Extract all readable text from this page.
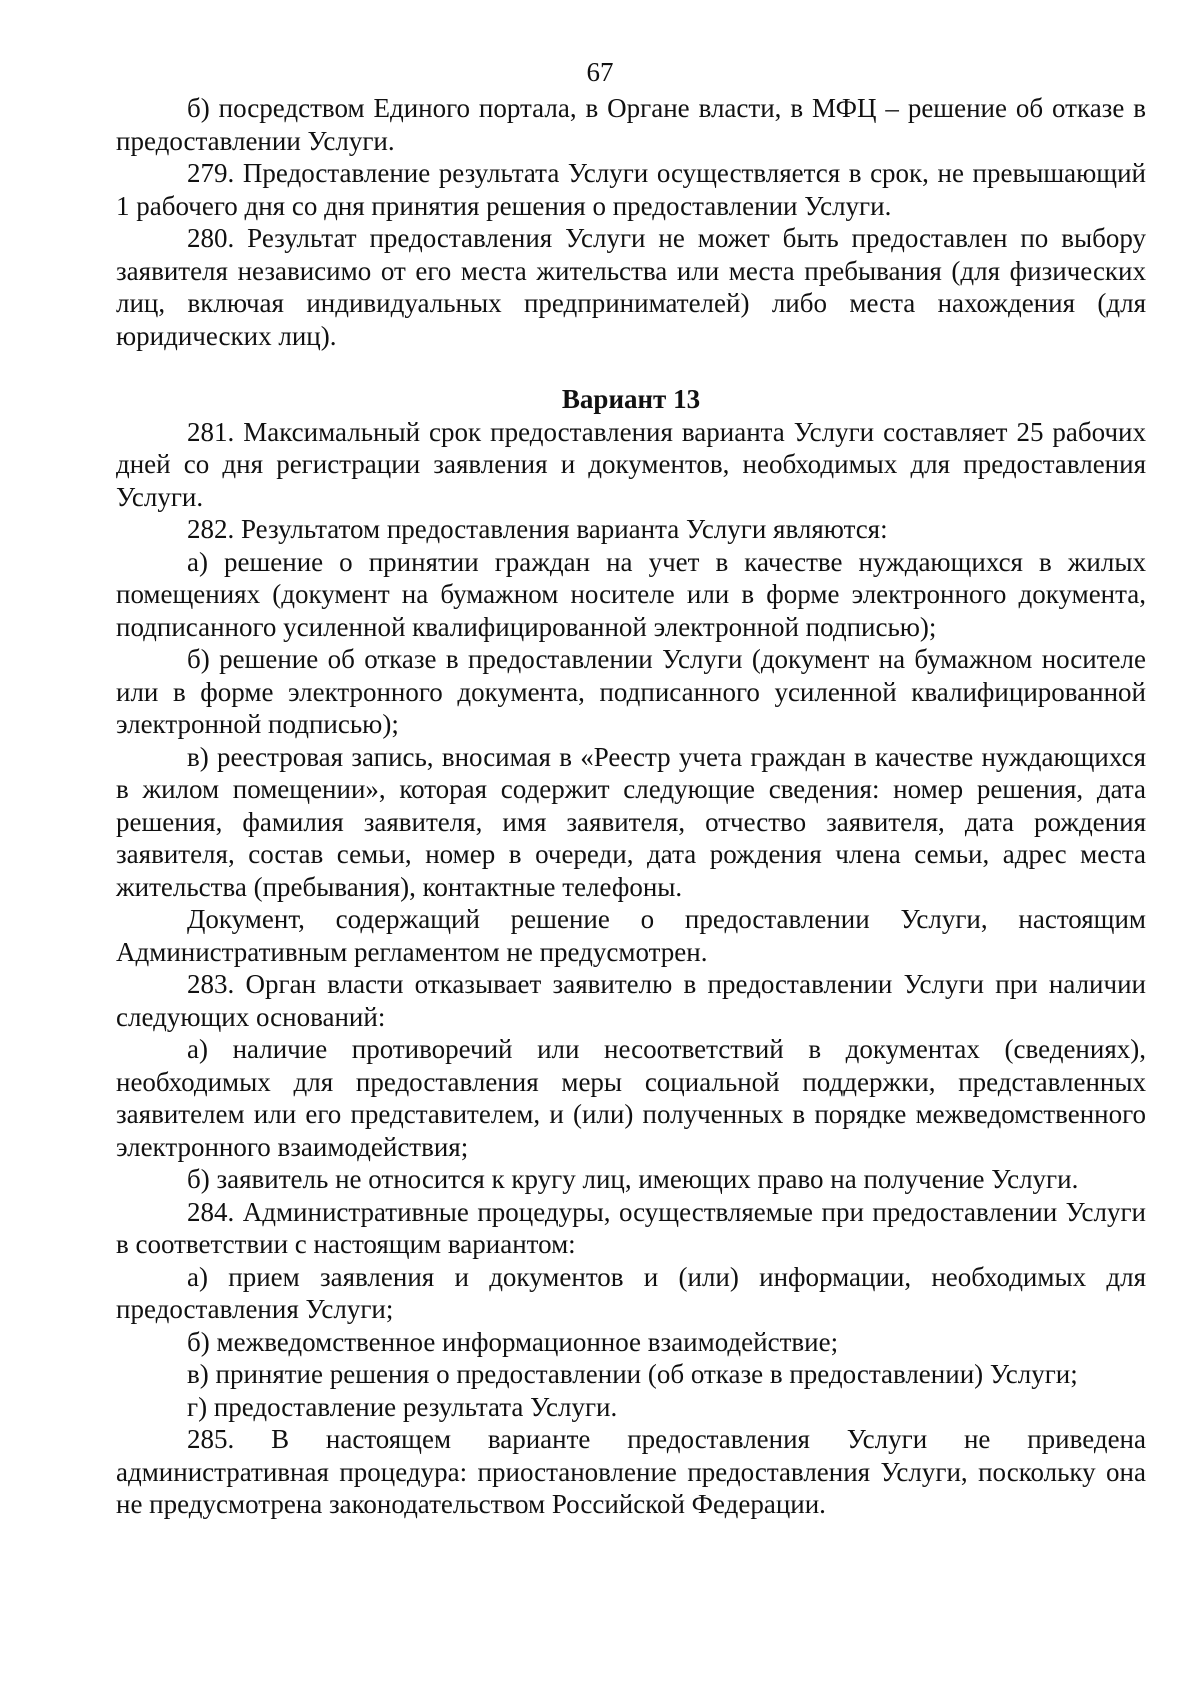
67

б) посредством Единого портала, в Органе власти, в МФЦ – решение об отказе в предоставлении Услуги.

279. Предоставление результата Услуги осуществляется в срок, не превышающий 1 рабочего дня со дня принятия решения о предоставлении Услуги.

280. Результат предоставления Услуги не может быть предоставлен по выбору заявителя независимо от его места жительства или места пребывания (для физических лиц, включая индивидуальных предпринимателей) либо места нахождения (для юридических лиц).

Вариант 13

281. Максимальный срок предоставления варианта Услуги составляет 25 рабочих дней со дня регистрации заявления и документов, необходимых для предоставления Услуги.

282. Результатом предоставления варианта Услуги являются:

а) решение о принятии граждан на учет в качестве нуждающихся в жилых помещениях (документ на бумажном носителе или в форме электронного документа, подписанного усиленной квалифицированной электронной подписью);

б) решение об отказе в предоставлении Услуги (документ на бумажном носителе или в форме электронного документа, подписанного усиленной квалифицированной электронной подписью);

в) реестровая запись, вносимая в «Реестр учета граждан в качестве нуждающихся в жилом помещении», которая содержит следующие сведения: номер решения, дата решения, фамилия заявителя, имя заявителя, отчество заявителя, дата рождения заявителя, состав семьи, номер в очереди, дата рождения члена семьи, адрес места жительства (пребывания), контактные телефоны.

Документ, содержащий решение о предоставлении Услуги, настоящим Административным регламентом не предусмотрен.

283. Орган власти отказывает заявителю в предоставлении Услуги при наличии следующих оснований:

а) наличие противоречий или несоответствий в документах (сведениях), необходимых для предоставления меры социальной поддержки, представленных заявителем или его представителем, и (или) полученных в порядке межведомственного электронного взаимодействия;

б) заявитель не относится к кругу лиц, имеющих право на получение Услуги.

284. Административные процедуры, осуществляемые при предоставлении Услуги в соответствии с настоящим вариантом:

а) прием заявления и документов и (или) информации, необходимых для предоставления Услуги;

б) межведомственное информационное взаимодействие;

в) принятие решения о предоставлении (об отказе в предоставлении) Услуги;

г) предоставление результата Услуги.

285. В настоящем варианте предоставления Услуги не приведена административная процедура: приостановление предоставления Услуги, поскольку она не предусмотрена законодательством Российской Федерации.
